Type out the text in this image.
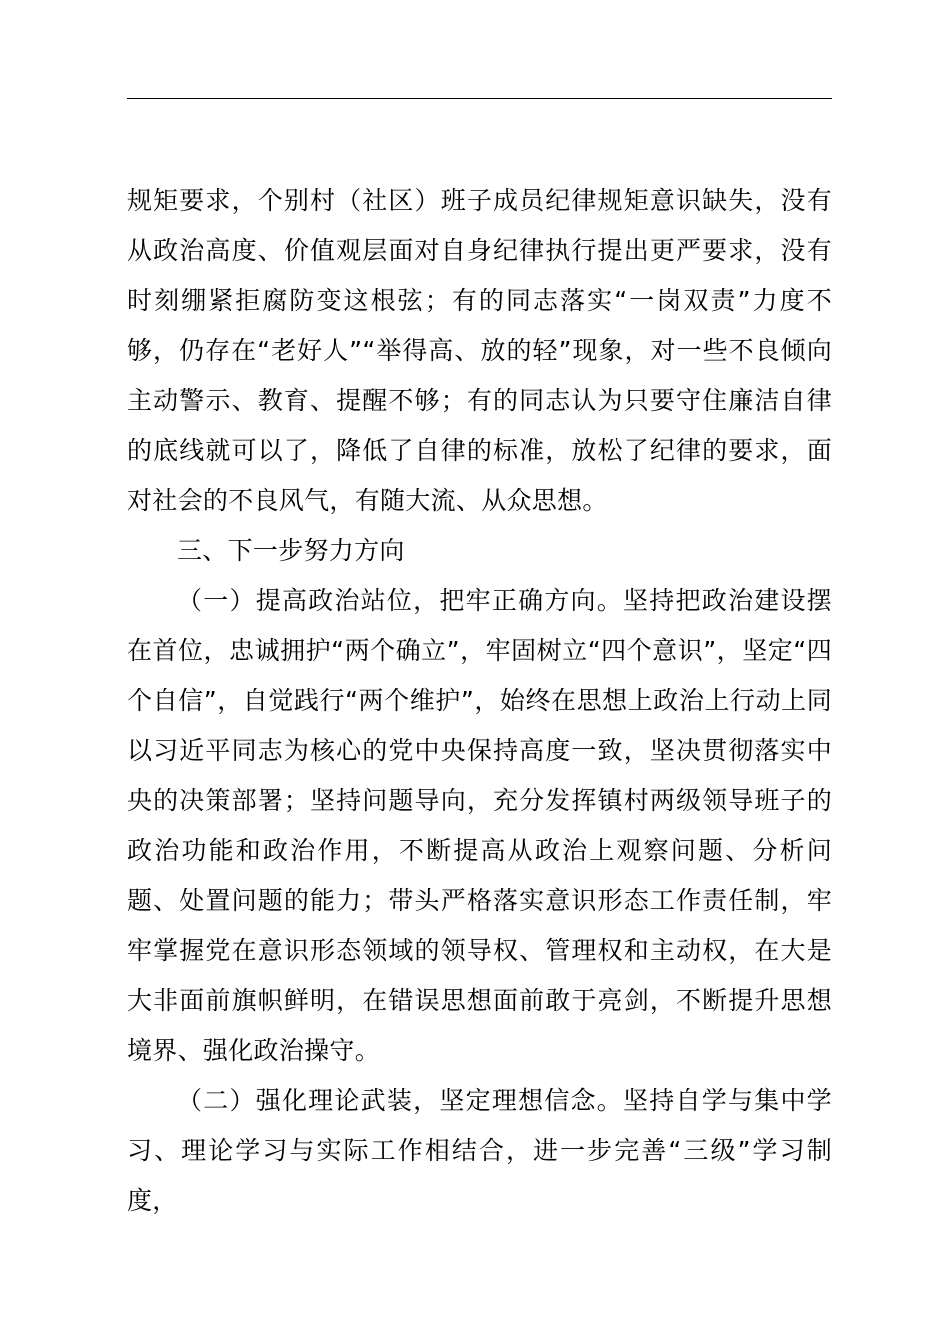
规矩要求，个别村（社区）班子成员纪律规矩意识缺失，没有从政治高度、价值观层面对自身纪律执行提出更严要求，没有时刻绷紧拒腐防变这根弦；有的同志落实“一岗双责”力度不够，仍存在“老好人”“举得高、放的轻”现象，对一些不良倾向主动警示、教育、提醒不够；有的同志认为只要守住廉洁自律的底线就可以了，降低了自律的标准，放松了纪律的要求，面对社会的不良风气，有随大流、从众思想。

三、下一步努力方向

（一）提高政治站位，把牢正确方向。坚持把政治建设摆在首位，忠诚拥护“两个确立”，牢固树立“四个意识”，坚定“四个自信”，自觉践行“两个维护”，始终在思想上政治上行动上同以习近平同志为核心的党中央保持高度一致，坚决贯彻落实中央的决策部署；坚持问题导向，充分发挥镇村两级领导班子的政治功能和政治作用，不断提高从政治上观察问题、分析问题、处置问题的能力；带头严格落实意识形态工作责任制，牢牢掌握党在意识形态领域的领导权、管理权和主动权，在大是大非面前旗帜鲜明，在错误思想面前敢于亮剑，不断提升思想境界、强化政治操守。

（二）强化理论武装，坚定理想信念。坚持自学与集中学习、理论学习与实际工作相结合，进一步完善“三级”学习制度，
